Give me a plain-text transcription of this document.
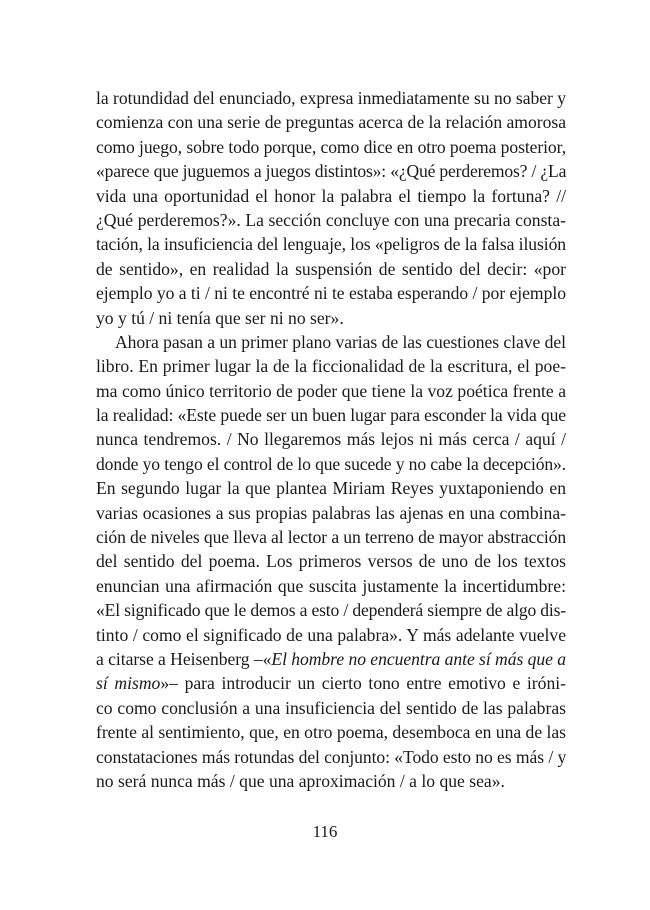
la rotundidad del enunciado, expresa inmediatamente su no saber y
comienza con una serie de preguntas acerca de la relación amorosa
como juego, sobre todo porque, como dice en otro poema posterior,
«parece que juguemos a juegos distintos»: «¿Qué perderemos? / ¿La
vida una oportunidad el honor la palabra el tiempo la fortuna? //
¿Qué perderemos?». La sección concluye con una precaria consta-
tación, la insuficiencia del lenguaje, los «peligros de la falsa ilusión
de sentido», en realidad la suspensión de sentido del decir: «por
ejemplo yo a ti / ni te encontré ni te estaba esperando / por ejemplo
yo y tú / ni tenía que ser ni no ser».
Ahora pasan a un primer plano varias de las cuestiones clave del
libro. En primer lugar la de la ficcionalidad de la escritura, el poe-
ma como único territorio de poder que tiene la voz poética frente a
la realidad: «Este puede ser un buen lugar para esconder la vida que
nunca tendremos. / No llegaremos más lejos ni más cerca / aquí /
donde yo tengo el control de lo que sucede y no cabe la decepción».
En segundo lugar la que plantea Miriam Reyes yuxtaponiendo en
varias ocasiones a sus propias palabras las ajenas en una combina-
ción de niveles que lleva al lector a un terreno de mayor abstracción
del sentido del poema. Los primeros versos de uno de los textos
enuncian una afirmación que suscita justamente la incertidumbre:
«El significado que le demos a esto / dependerá siempre de algo dis-
tinto / como el significado de una palabra». Y más adelante vuelve
a citarse a Heisenberg –«El hombre no encuentra ante sí más que a
sí mismo»– para introducir un cierto tono entre emotivo e iróni-
co como conclusión a una insuficiencia del sentido de las palabras
frente al sentimiento, que, en otro poema, desemboca en una de las
constataciones más rotundas del conjunto: «Todo esto no es más / y
no será nunca más / que una aproximación / a lo que sea».
116
